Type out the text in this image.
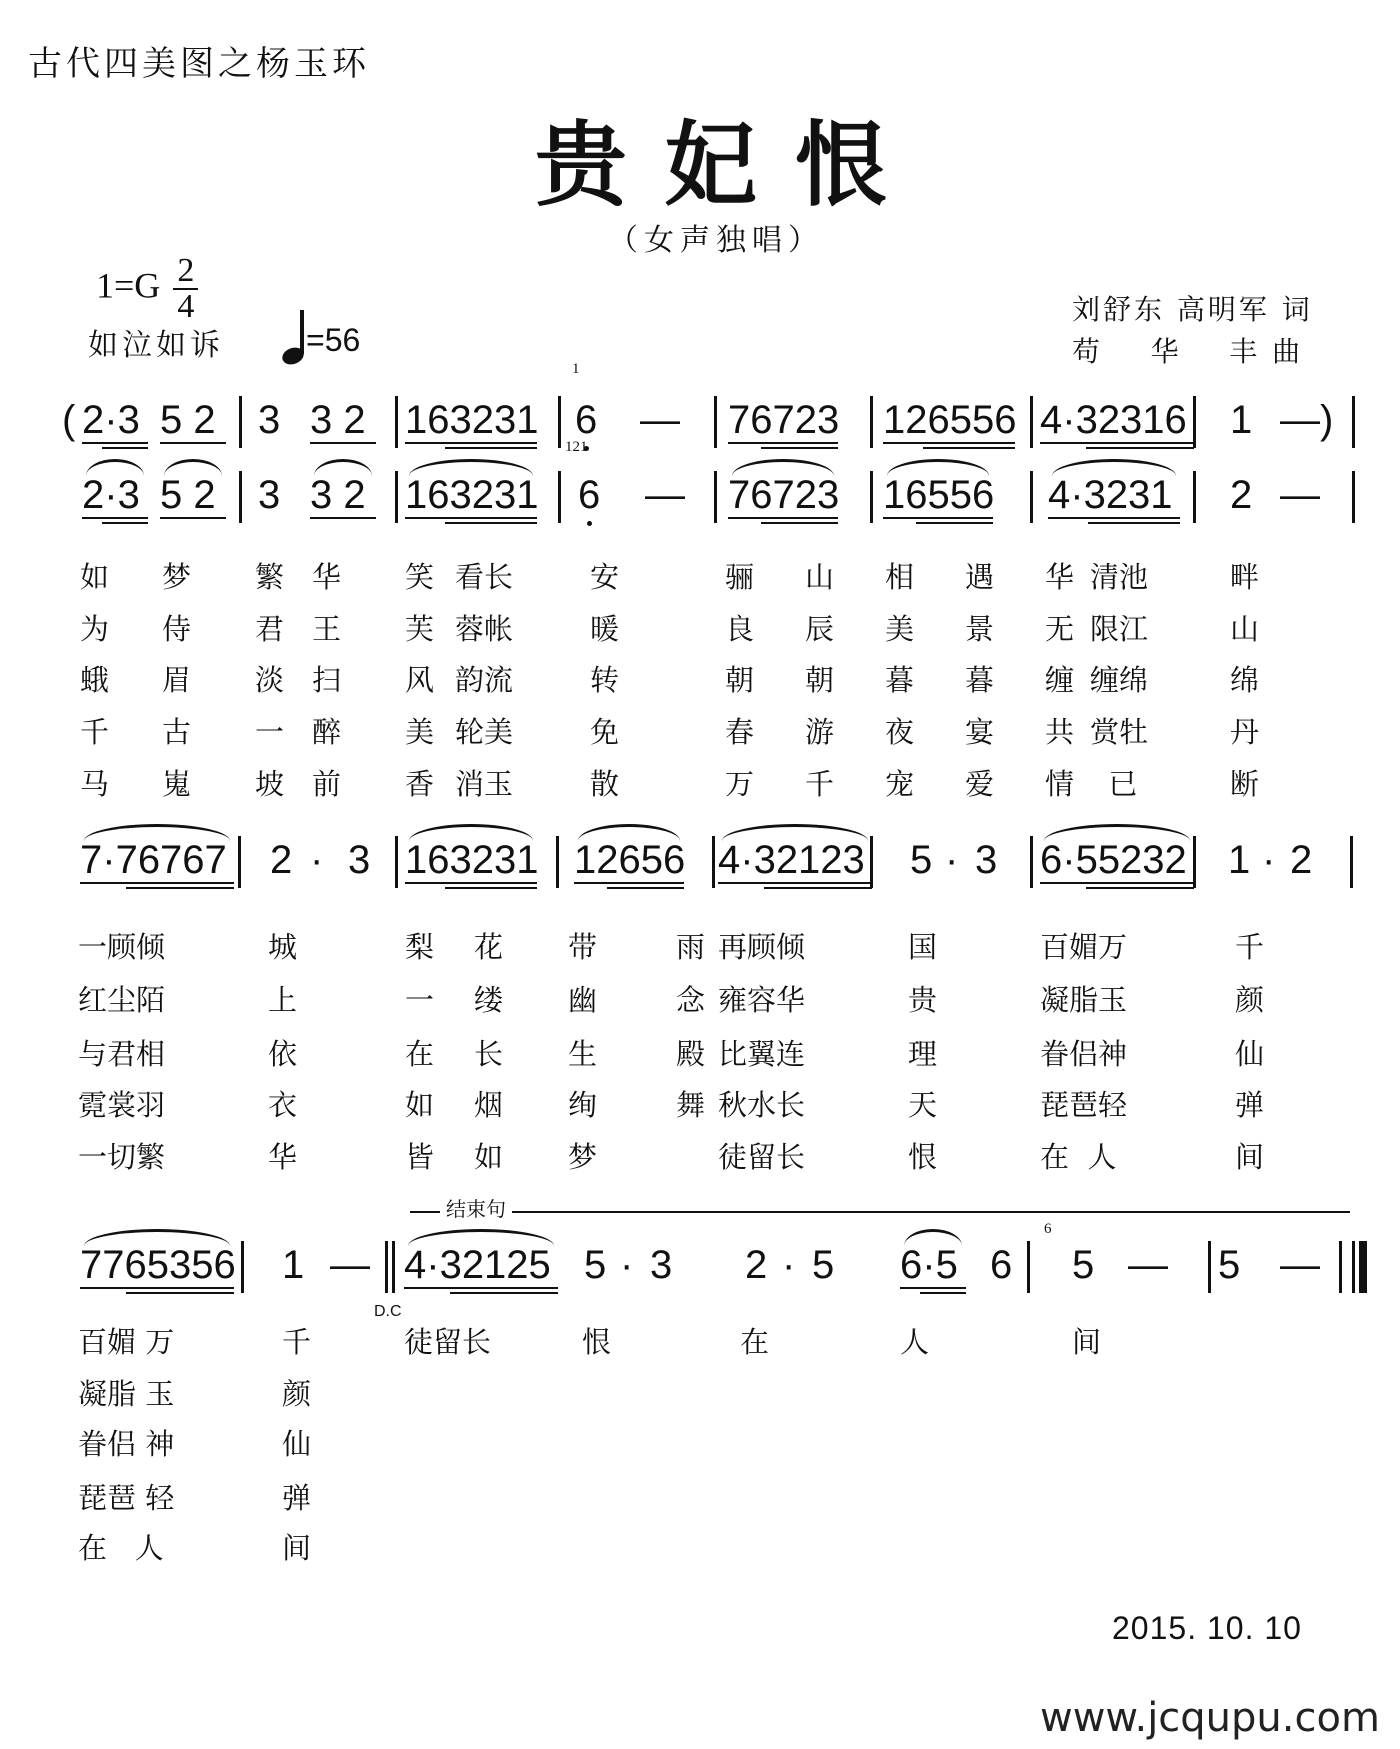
古代四美图之杨玉环
贵妃恨
（女声独唱）
$1=G \frac{2}{4}$
如泣如诉	=56
刘舒东 高明军 词
苟    华    丰 曲
( 2·3 5 2 3 3 2 163231 6 — 76723 126556 4·32316 1 —)
1
2·3 5 2 3 3 2 163231 6 — 76723 16556 4·3231 2 —
121
7·76767 2 · 3 163231 12656 4·32123 5 · 3 6·55232 1 · 2
7765356 1 — 4·32125 5 · 3 2 · 5 6·5 6 5 — 5 —
6
结束句
D.C
如 梦 繁 华 笑 看长	安	骊 山 相 遇 华 清池	畔
为 侍 君 王 芙 蓉帐	暖	良 辰 美 景 无 限江	山
蛾 眉 淡 扫 风 韵流	转	朝 朝 暮 暮 缠 缠绵	绵
千 古 一 醉 美 轮美	免	春 游 夜 宴 共 赏牡	丹
马 嵬 坡 前 香 消玉	散	万 千 宠 爱 情 已	断
一顾倾	城	梨 花 带	雨 再顾倾	国	百媚万	千
红尘陌	上	一 缕 幽	念 雍容华	贵	凝脂玉	颜
与君相	依	在 长 生	殿 比翼连	理	眷侣神	仙
霓裳羽	衣	如 烟 绚	舞 秋水长	天	琵琶轻	弹
一切繁	华	皆 如 梦	徒留长	恨	在  人	间
百媚 万	千
凝脂 玉	颜
眷侣 神	仙
琵琶 轻	弹
在   人	间
徒留长	恨	在	人	间
2015. 10. 10
www.jcqupu.com
